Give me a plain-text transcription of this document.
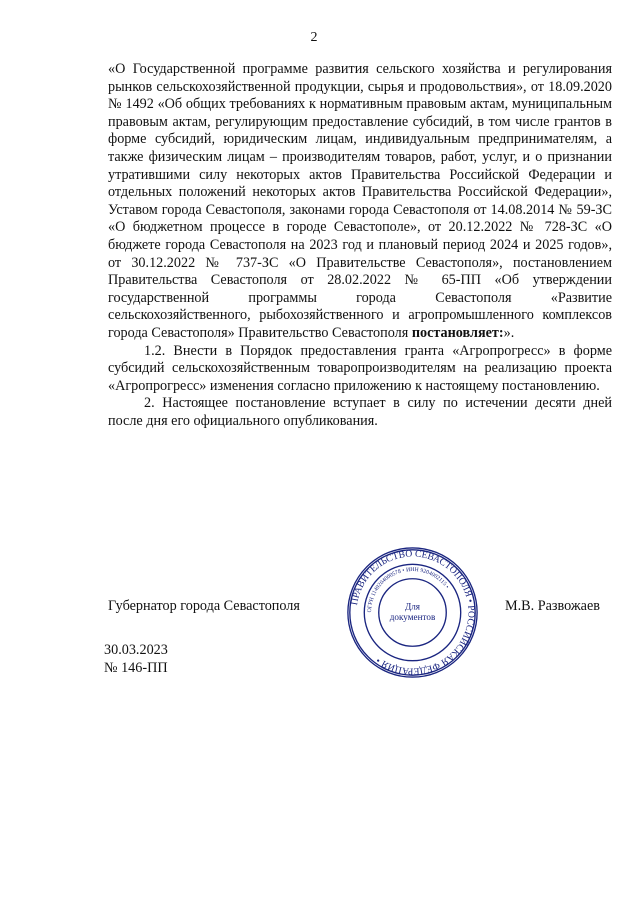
2

«О Государственной программе развития сельского хозяйства и регулирования рынков сельскохозяйственной продукции, сырья и продовольствия», от 18.09.2020 № 1492 «Об общих требованиях к нормативным правовым актам, муниципальным правовым актам, регулирующим предоставление субсидий, в том числе грантов в форме субсидий, юридическим лицам, индивидуальным предпринимателям, а также физическим лицам – производителям товаров, работ, услуг, и о признании утратившими силу некоторых актов Правительства Российской Федерации и отдельных положений некоторых актов Правительства Российской Федерации», Уставом города Севастополя, законами города Севастополя от 14.08.2014 № 59-ЗС «О бюджетном процессе в городе Севастополе», от 20.12.2022 № 728-ЗС «О бюджете города Севастополя на 2023 год и плановый период 2024 и 2025 годов», от 30.12.2022 № 737-ЗС «О Правительстве Севастополя», постановлением Правительства Севастополя от 28.02.2022 № 65-ПП «Об утверждении государственной программы города Севастополя «Развитие сельскохозяйственного, рыбохозяйственного и агропромышленного комплексов города Севастополя» Правительство Севастополя постановляет:».

1.2. Внести в Порядок предоставления гранта «Агропрогресс» в форме субсидий сельскохозяйственным товаропроизводителям на реализацию проекта «Агропрогресс» изменения согласно приложению к настоящему постановлению.

2. Настоящее постановление вступает в силу по истечении десяти дней после дня его официального опубликования.

Губернатор города Севастополя	ПРАВИТЕЛЬСТВО СЕВАСТОПОЛЯ • РОССИЙСКАЯ ФЕДЕРАЦИЯ •
ОГРН 1149204000578 • ИНН 9204002115 •
Для
документов
М.В. Развожаев
30.03.2023
№ 146-ПП
